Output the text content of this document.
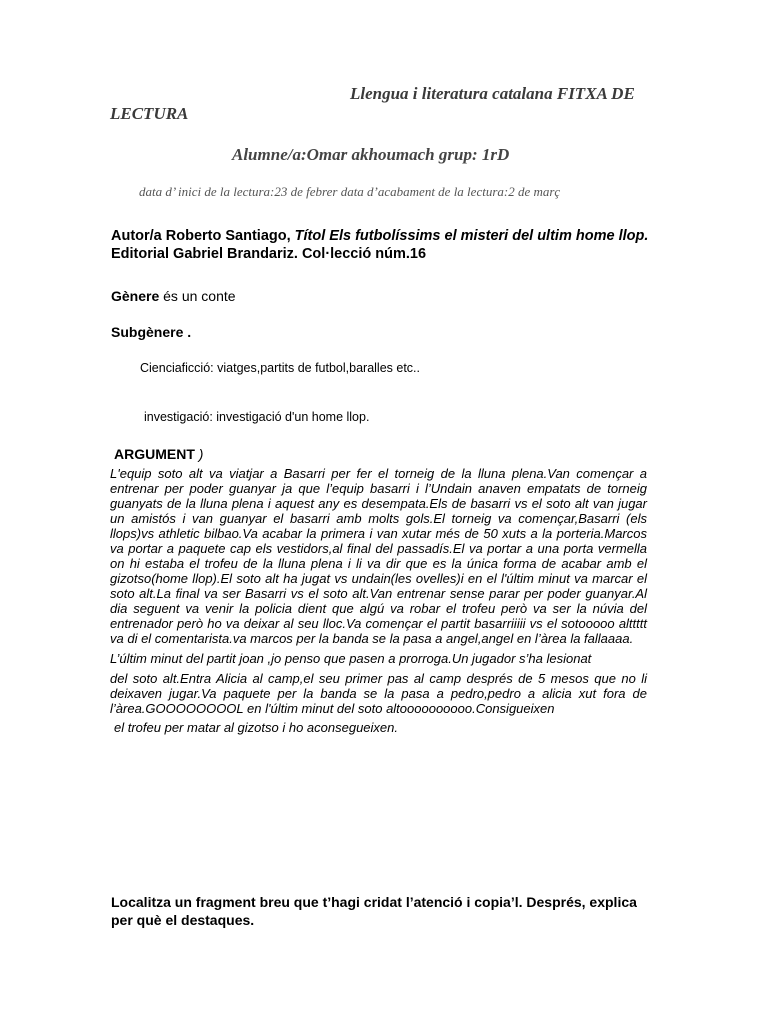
Llengua i literatura catalana FITXA DE
LECTURA
Alumne/a:Omar akhoumach grup: 1rD
data d’ inici de la lectura:23 de febrer data d’acabament de la lectura:2 de març
Autor/a Roberto Santiago, Títol Els futbolíssims el misteri del ultim home llop. Editorial Gabriel Brandariz. Col·lecció núm.16
Gènere és un conte
Subgènere .
Cienciaficció: viatges,partits de futbol,baralles etc..
investigació: investigació d'un home llop.
ARGUMENT )

L'equip soto alt va viatjar a Basarri per fer el torneig de la lluna plena.Van començar a entrenar per poder guanyar ja que l’equip basarri i l’Undain anaven empatats de torneig guanyats de la lluna plena i aquest any es desempata.Els de basarri vs el soto alt van jugar un amistós i van guanyar el basarri amb molts gols.El torneig va començar,Basarri (els llops)vs athletic bilbao.Va acabar la primera i van xutar més de 50 xuts a la porteria.Marcos va portar a paquete cap els vestidors,al final del passadís.El va portar a una porta vermella on hi estaba el trofeu de la lluna plena i li va dir que es la única forma de acabar amb el gizotso(home llop).El soto alt ha jugat vs undain(les ovelles)i en el l'últim minut va marcar el soto alt.La final va ser Basarri vs el soto alt.Van entrenar sense parar per poder guanyar.Al dia seguent va venir la policia dient que algú va robar el trofeu però va ser la núvia del entrenador però ho va deixar al seu lloc.Va començar el partit basarriiiii vs el sotooooo alttttt va di el comentarista.va marcos per la banda se la pasa a angel,angel en l’àrea la fallaaaa.

L’últim minut del partit joan ,jo penso que pasen a prorroga.Un jugador s’ha lesionat

del soto alt.Entra Alicia al camp,el seu primer pas al camp després de 5 mesos que no li deixaven jugar.Va paquete per la banda se la pasa a pedro,pedro a alicia xut fora de l’àrea.GOOOOOOOOL en l'últim minut del soto altoooooooooo.Consigueixen

el trofeu per matar al gizotso i ho aconsegueixen.

Localitza un fragment breu que t’hagi cridat l’atenció i copia’l. Després, explica per què el destaques.
